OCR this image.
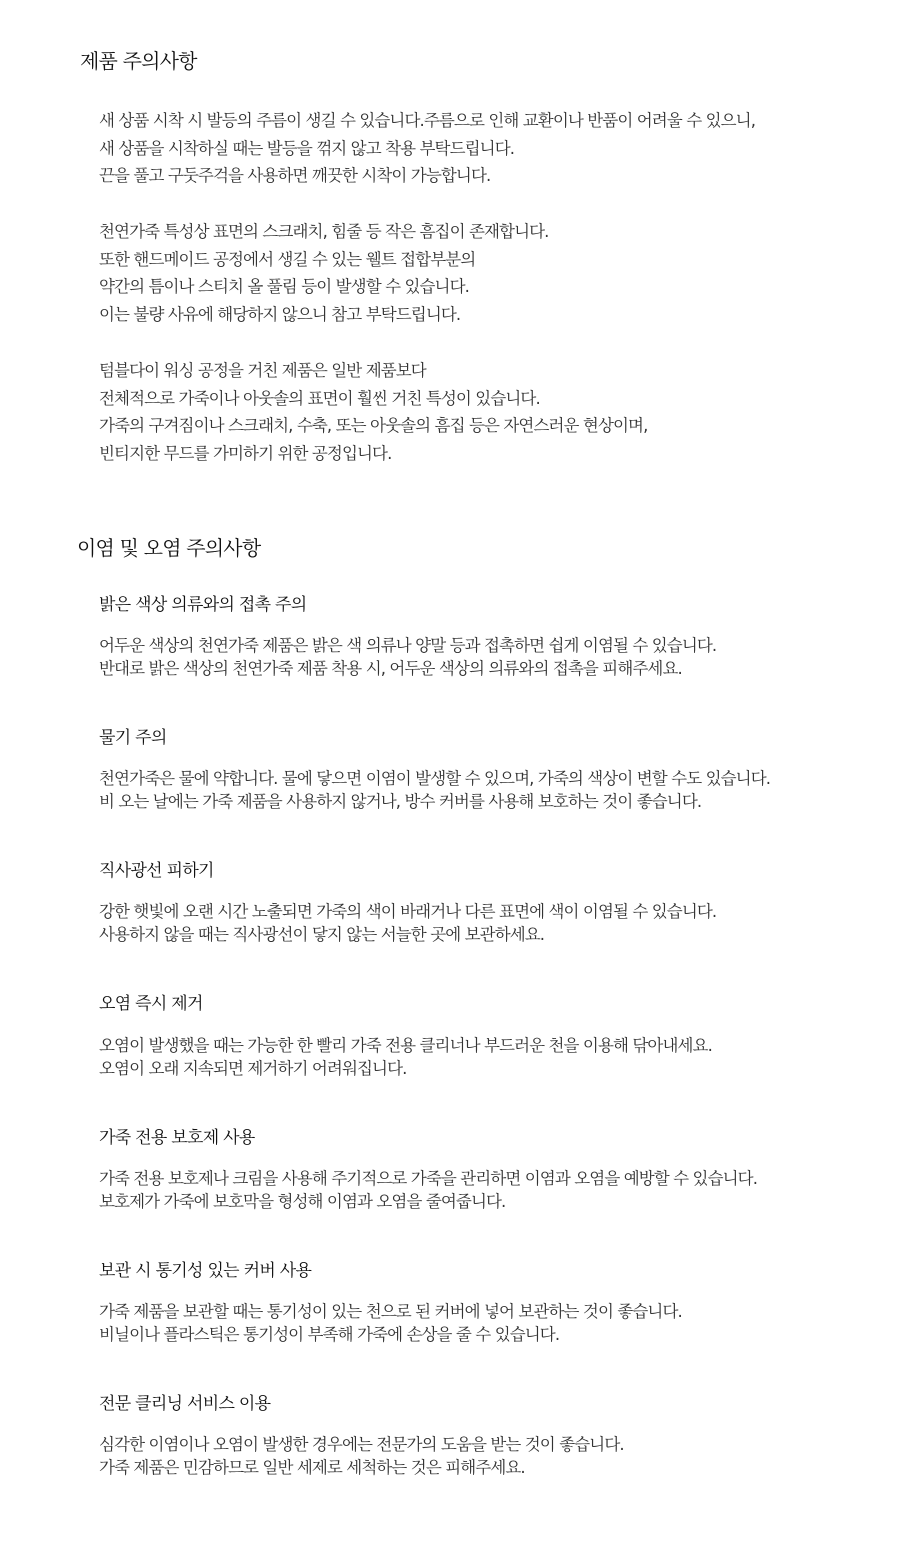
제품 주의사항
새 상품 시착 시 발등의 주름이 생길 수 있습니다.주름으로 인해 교환이나 반품이 어려울 수 있으니,
새 상품을 시착하실 때는 발등을 꺾지 않고 착용 부탁드립니다.
끈을 풀고 구둣주걱을 사용하면 깨끗한 시착이 가능합니다.
천연가죽 특성상 표면의 스크래치, 힘줄 등 작은 흠집이 존재합니다.
또한 핸드메이드 공정에서 생길 수 있는 웰트 접합부분의
약간의 틈이나 스티치 올 풀림 등이 발생할 수 있습니다.
이는 불량 사유에 해당하지 않으니 참고 부탁드립니다.
텀블다이 워싱 공정을 거친 제품은 일반 제품보다
전체적으로 가죽이나 아웃솔의 표면이 훨씬 거친 특성이 있습니다.
가죽의 구겨짐이나 스크래치, 수축, 또는 아웃솔의 흠집 등은 자연스러운 현상이며,
빈티지한 무드를 가미하기 위한 공정입니다.
이염 및 오염 주의사항
밝은 색상 의류와의 접촉 주의
어두운 색상의 천연가죽 제품은 밝은 색 의류나 양말 등과 접촉하면 쉽게 이염될 수 있습니다.
반대로 밝은 색상의 천연가죽 제품 착용 시, 어두운 색상의 의류와의 접촉을 피해주세요.
물기 주의
천연가죽은 물에 약합니다. 물에 닿으면 이염이 발생할 수 있으며, 가죽의 색상이 변할 수도 있습니다.
비 오는 날에는 가죽 제품을 사용하지 않거나, 방수 커버를 사용해 보호하는 것이 좋습니다.
직사광선 피하기
강한 햇빛에 오랜 시간 노출되면 가죽의 색이 바래거나 다른 표면에 색이 이염될 수 있습니다.
사용하지 않을 때는 직사광선이 닿지 않는 서늘한 곳에 보관하세요.
오염 즉시 제거
오염이 발생했을 때는 가능한 한 빨리 가죽 전용 클리너나 부드러운 천을 이용해 닦아내세요.
오염이 오래 지속되면 제거하기 어려워집니다.
가죽 전용 보호제 사용
가죽 전용 보호제나 크림을 사용해 주기적으로 가죽을 관리하면 이염과 오염을 예방할 수 있습니다.
보호제가 가죽에 보호막을 형성해 이염과 오염을 줄여줍니다.
보관 시 통기성 있는 커버 사용
가죽 제품을 보관할 때는 통기성이 있는 천으로 된 커버에 넣어 보관하는 것이 좋습니다.
비닐이나 플라스틱은 통기성이 부족해 가죽에 손상을 줄 수 있습니다.
전문 클리닝 서비스 이용
심각한 이염이나 오염이 발생한 경우에는 전문가의 도움을 받는 것이 좋습니다.
가죽 제품은 민감하므로 일반 세제로 세척하는 것은 피해주세요.
